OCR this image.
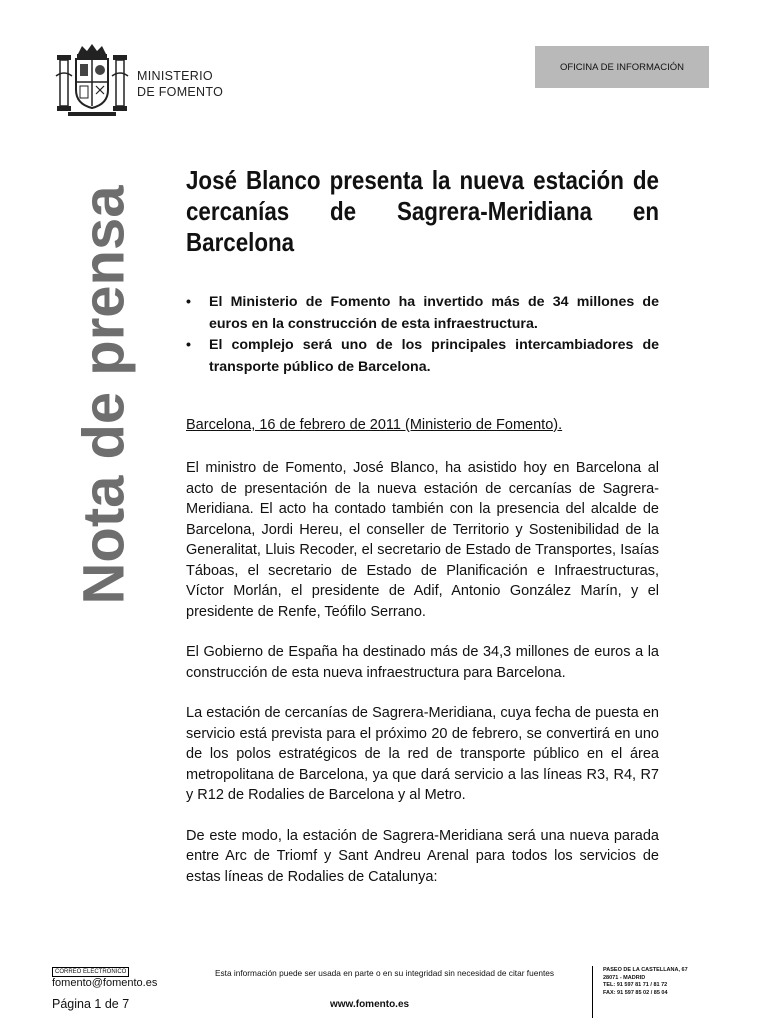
MINISTERIO
DE FOMENTO
OFICINA DE INFORMACIÓN
Nota de prensa
José Blanco presenta la nueva estación de cercanías de Sagrera-Meridiana en Barcelona
• El Ministerio de Fomento ha invertido más de 34 millones de euros en la construcción de esta infraestructura.
• El complejo será uno de los principales intercambiadores de transporte público de Barcelona.
Barcelona, 16 de febrero de 2011 (Ministerio de Fomento).

El ministro de Fomento, José Blanco, ha asistido hoy en Barcelona al acto de presentación de la nueva estación de cercanías de Sagrera-Meridiana. El acto ha contado también con la presencia del alcalde de Barcelona, Jordi Hereu, el conseller de Territorio y Sostenibilidad de la Generalitat, Lluis Recoder, el secretario de Estado de Transportes, Isaías Táboas, el secretario de Estado de Planificación e Infraestructuras, Víctor Morlán, el presidente de Adif, Antonio González Marín, y el presidente de Renfe, Teófilo Serrano.

El Gobierno de España ha destinado más de 34,3 millones de euros a la construcción de esta nueva infraestructura para Barcelona.

La estación de cercanías de Sagrera-Meridiana, cuya fecha de puesta en servicio está prevista para el próximo 20 de febrero, se convertirá en uno de los polos estratégicos de la red de transporte público en el área metropolitana de Barcelona, ya que dará servicio a las líneas R3, R4, R7 y R12 de Rodalies de Barcelona y al Metro.

De este modo, la estación de Sagrera-Meridiana será una nueva parada entre Arc de Triomf y Sant Andreu Arenal para todos los servicios de estas líneas de Rodalies de Catalunya:

CORREO ELECTRÓNICO
fomento@fomento.es
Página 1 de 7
Esta información puede ser usada en parte o en su integridad sin necesidad de citar fuentes
www.fomento.es
PASEO DE LA CASTELLANA, 67
28071 - MADRID
TEL: 91 597 81 71 / 81 72
FAX: 91 597 85 02 / 85 04
